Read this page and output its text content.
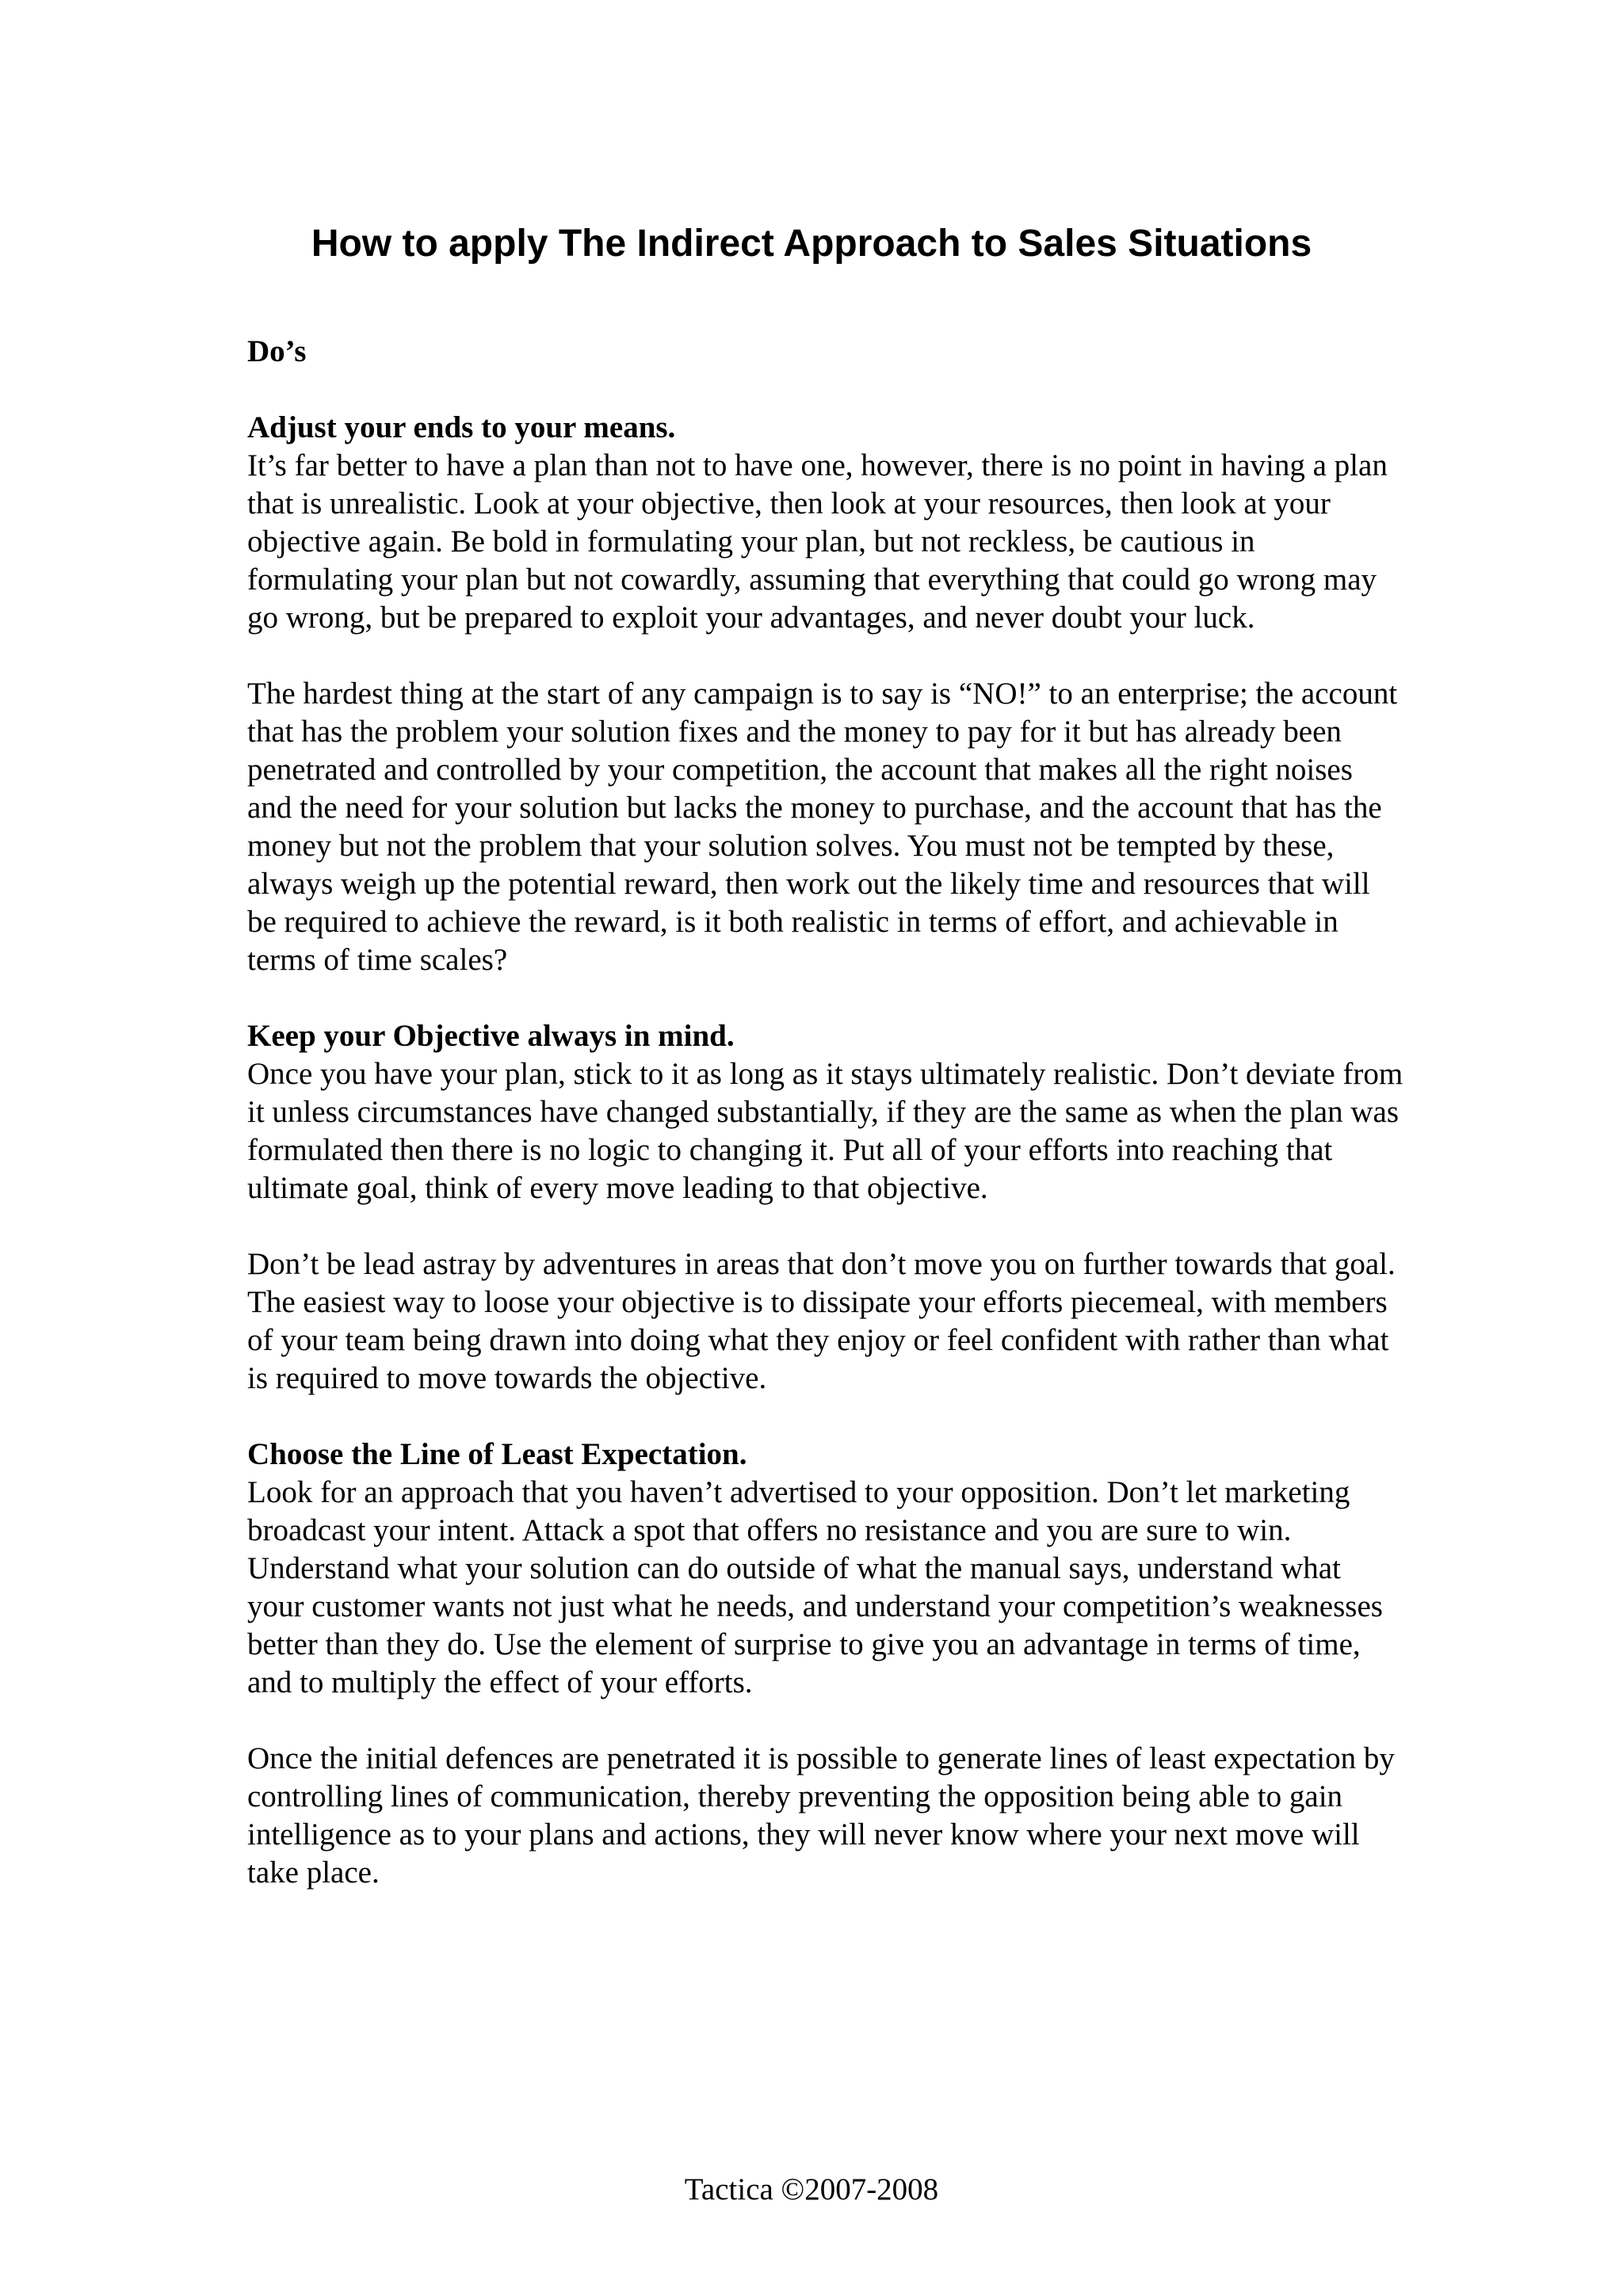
How to apply The Indirect Approach to Sales Situations
Do’s
Adjust your ends to your means.

It’s far better to have a plan than not to have one, however, there is no point in having a plan that is unrealistic. Look at your objective, then look at your resources, then look at your objective again. Be bold in formulating your plan, but not reckless, be cautious in formulating your plan but not cowardly, assuming that everything that could go wrong may go wrong, but be prepared to exploit your advantages, and never doubt your luck.

The hardest thing at the start of any campaign is to say is “NO!” to an enterprise; the account that has the problem your solution fixes and the money to pay for it but has already been penetrated and controlled by your competition, the account that makes all the right noises and the need for your solution but lacks the money to purchase, and the account that has the money but not the problem that your solution solves. You must not be tempted by these, always weigh up the potential reward, then work out the likely time and resources that will be required to achieve the reward, is it both realistic in terms of effort, and achievable in terms of time scales?

Keep your Objective always in mind.

Once you have your plan, stick to it as long as it stays ultimately realistic. Don’t deviate from it unless circumstances have changed substantially, if they are the same as when the plan was formulated then there is no logic to changing it. Put all of your efforts into reaching that ultimate goal, think of every move leading to that objective.

Don’t be lead astray by adventures in areas that don’t move you on further towards that goal. The easiest way to loose your objective is to dissipate your efforts piecemeal, with members of your team being drawn into doing what they enjoy or feel confident with rather than what is required to move towards the objective.

Choose the Line of Least Expectation.

Look for an approach that you haven’t advertised to your opposition. Don’t let marketing broadcast your intent. Attack a spot that offers no resistance and you are sure to win. Understand what your solution can do outside of what the manual says, understand what your customer wants not just what he needs, and understand your competition’s weaknesses better than they do. Use the element of surprise to give you an advantage in terms of time, and to multiply the effect of your efforts.

Once the initial defences are penetrated it is possible to generate lines of least expectation by controlling lines of communication, thereby preventing the opposition being able to gain intelligence as to your plans and actions, they will never know where your next move will take place.

Tactica ©2007-2008
